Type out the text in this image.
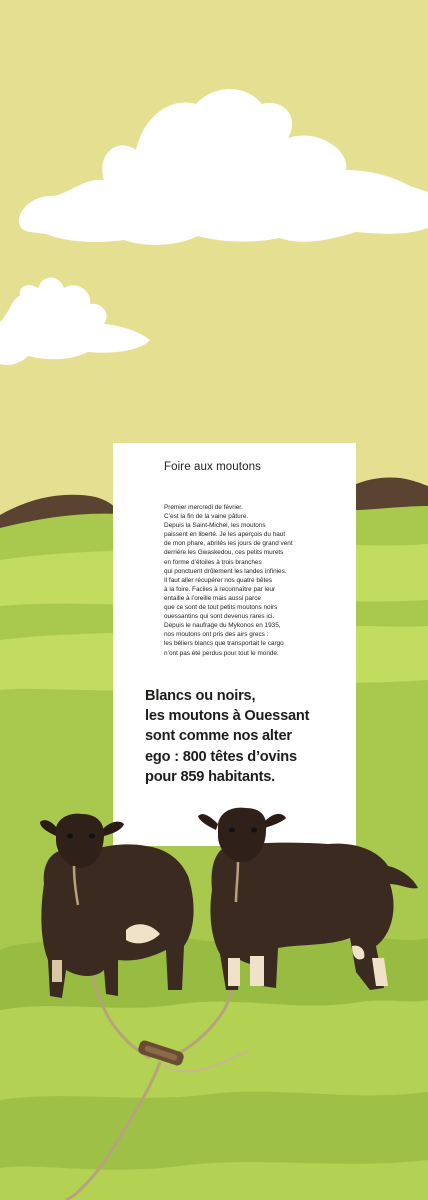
Foire aux moutons

Premier mercredi de février.
C’est la fin de la vaine pâture.
Depuis la Saint-Michel, les moutons
paissent en liberté. Je les aperçois du haut
de mon phare, abrités les jours de grand vent
derrière les Gwaskedou, ces petits murets
en forme d’étoiles à trois branches
qui ponctuent drôlement les landes infinies.
Il faut aller récupérer nos quatre bêtes
à la foire. Faciles à reconnaître par leur
entaille à l’oreille mais aussi parce
que ce sont de tout petits moutons noirs
ouessantins qui sont devenus rares ici.
Depuis le naufrage du Mykonos en 1935,
nos moutons ont pris des airs grecs :
les béliers blancs que transportait le cargo
n’ont pas été perdus pour tout le monde.

Blancs ou noirs,
les moutons à Ouessant
sont comme nos alter
ego : 800 têtes d’ovins
pour 859 habitants.
